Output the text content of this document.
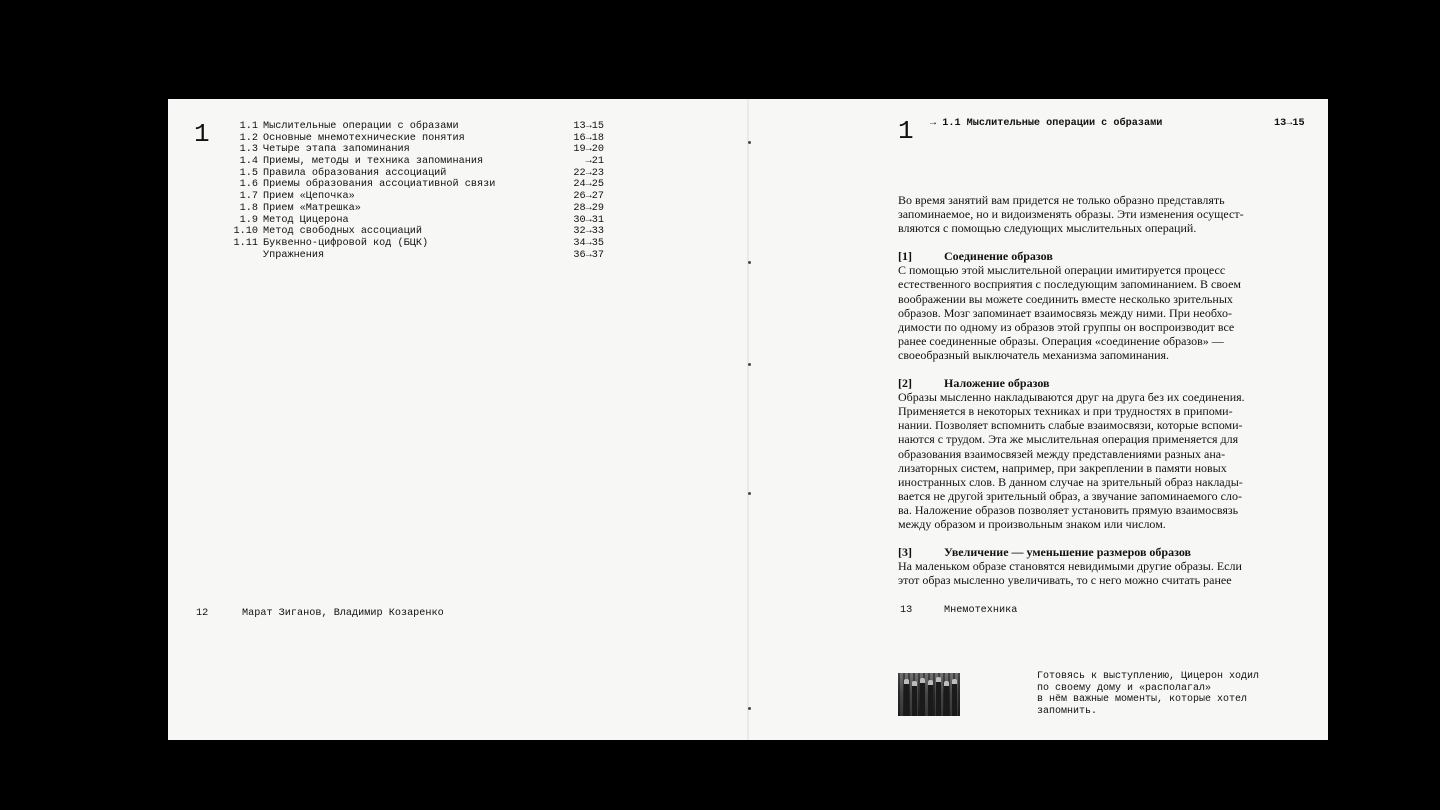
1	1.1 Мыслительные операции с образами	13→15
1.2 Основные мнемотехнические понятия	16→18
1.3 Четыре этапа запоминания	19→20
1.4 Приемы, методы и техника запоминания	→21
1.5 Правила образования ассоциаций	22→23
1.6 Приемы образования ассоциативной связи	24→25
1.7 Прием «Цепочка»	26→27
1.8 Прием «Матрешка»	28→29
1.9 Метод Цицерона	30→31
1.10 Метод свободных ассоциаций	32→33
1.11 Буквенно-цифровой код (БЦК)	34→35
Упражнения	36→37
12	Марат Зиганов, Владимир Козаренко
1 → 1.1 Мыслительные операции с образами	13→15
Во время занятий вам придется не только образно представлять
запоминаемое, но и видоизменять образы. Эти изменения осущест-
вляются с помощью следующих мыслительных операций.
[1]	Соединение образов
С помощью этой мыслительной операции имитируется процесс
естественного восприятия с последующим запоминанием. В своем
воображении вы можете соединить вместе несколько зрительных
образов. Мозг запоминает взаимосвязь между ними. При необхо-
димости по одному из образов этой группы он воспроизводит все
ранее соединенные образы. Операция «соединение образов» —
своеобразный выключатель механизма запоминания.
[2]	Наложение образов
Образы мысленно накладываются друг на друга без их соединения.
Применяется в некоторых техниках и при трудностях в припоми-
нании. Позволяет вспомнить слабые взаимосвязи, которые вспоми-
наются с трудом. Эта же мыслительная операция применяется для
образования взаимосвязей между представлениями разных ана-
лизаторных систем, например, при закреплении в памяти новых
иностранных слов. В данном случае на зрительный образ наклады-
вается не другой зрительный образ, а звучание запоминаемого сло-
ва. Наложение образов позволяет установить прямую взаимосвязь
между образом и произвольным знаком или числом.
[3]	Увеличение — уменьшение размеров образов
На маленьком образе становятся невидимыми другие образы. Если
этот образ мысленно увеличивать, то с него можно считать ранее
13	Мнемотехника
Готовясь к выступлению, Цицерон ходил
по своему дому и «располагал»
в нём важные моменты, которые хотел
запомнить.
